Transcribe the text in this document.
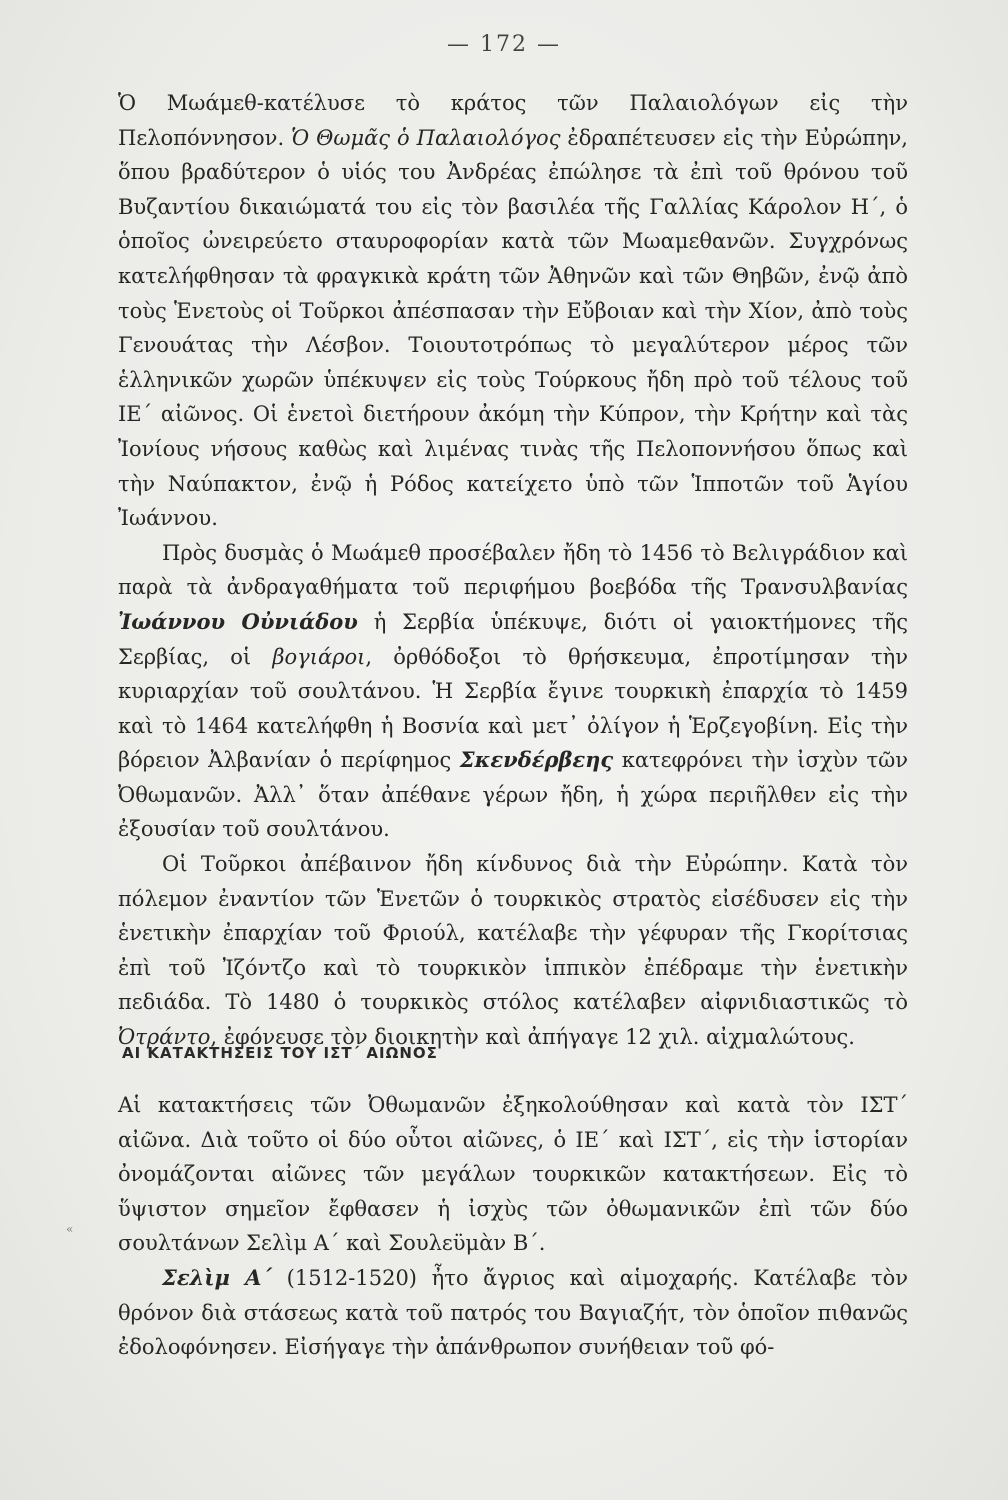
— 172 —

Ὁ Μωάμεθ-κατέλυσε τὸ κράτος τῶν Παλαιολόγων εἰς τὴν Πελοπόννησον. Ὁ Θωμᾶς ὁ Παλαιολόγος ἐδραπέτευσεν εἰς τὴν Εὐρώπην, ὅπου βραδύτερον ὁ υἱός του Ἀνδρέας ἐπώλησε τὰ ἐπὶ τοῦ θρόνου τοῦ Βυζαντίου δικαιώματά του εἰς τὸν βασιλέα τῆς Γαλλίας Κάρολον Η΄, ὁ ὁποῖος ὠνειρεύετο σταυροφορίαν κατὰ τῶν Μωαμεθανῶν. Συγχρόνως κατελήφθησαν τὰ φραγκικὰ κράτη τῶν Ἀθηνῶν καὶ τῶν Θηβῶν, ἐνῷ ἀπὸ τοὺς Ἑνετοὺς οἱ Τοῦρκοι ἀπέσπασαν τὴν Εὔβοιαν καὶ τὴν Χίον, ἀπὸ τοὺς Γενουάτας τὴν Λέσβον. Τοιουτοτρόπως τὸ μεγαλύτερον μέρος τῶν ἑλληνικῶν χωρῶν ὑπέκυψεν εἰς τοὺς Τούρκους ἤδη πρὸ τοῦ τέλους τοῦ ΙΕ΄ αἰῶνος. Οἱ ἑνετοὶ διετήρουν ἀκόμη τὴν Κύπρον, τὴν Κρήτην καὶ τὰς Ἰονίους νήσους καθὼς καὶ λιμένας τινὰς τῆς Πελοποννήσου ὅπως καὶ τὴν Ναύπακτον, ἐνῷ ἡ Ρόδος κατείχετο ὑπὸ τῶν Ἱπποτῶν τοῦ Ἁγίου Ἰωάννου.

Πρὸς δυσμὰς ὁ Μωάμεθ προσέβαλεν ἤδη τὸ 1456 τὸ Βελιγράδιον καὶ παρὰ τὰ ἀνδραγαθήματα τοῦ περιφήμου βοεβόδα τῆς Τρανσυλβανίας Ἰωάννου Οὐνιάδου ἡ Σερβία ὑπέκυψε, διότι οἱ γαιοκτήμονες τῆς Σερβίας, οἱ βογιάροι, ὀρθόδοξοι τὸ θρήσκευμα, ἐπροτίμησαν τὴν κυριαρχίαν τοῦ σουλτάνου. Ἡ Σερβία ἔγινε τουρκικὴ ἐπαρχία τὸ 1459 καὶ τὸ 1464 κατελήφθη ἡ Βοσνία καὶ μετ᾽ ὀλίγον ἡ Ἑρζεγοβίνη. Εἰς τὴν βόρειον Ἀλβανίαν ὁ περίφημος Σκενδέρβεης κατεφρόνει τὴν ἰσχὺν τῶν Ὀθωμανῶν. Ἀλλ᾽ ὅταν ἀπέθανε γέρων ἤδη, ἡ χώρα περιῆλθεν εἰς τὴν ἐξουσίαν τοῦ σουλτάνου.

Οἱ Τοῦρκοι ἀπέβαινον ἤδη κίνδυνος διὰ τὴν Εὐρώπην. Κατὰ τὸν πόλεμον ἐναντίον τῶν Ἑνετῶν ὁ τουρκικὸς στρατὸς εἰσέδυσεν εἰς τὴν ἑνετικὴν ἐπαρχίαν τοῦ Φριούλ, κατέλαβε τὴν γέφυραν τῆς Γκορίτσιας ἐπὶ τοῦ Ἰζόντζο καὶ τὸ τουρκικὸν ἱππικὸν ἐπέδραμε τὴν ἑνετικὴν πεδιάδα. Τὸ 1480 ὁ τουρκικὸς στόλος κατέλαβεν αἰφνιδιαστικῶς τὸ Ὀτράντο, ἐφόνευσε τὸν διοικητὴν καὶ ἀπήγαγε 12 χιλ. αἰχμαλώτους.

ΑΙ ΚΑΤΑΚΤΗΣΕΙΣ ΤΟΥ ΙΣΤ΄ ΑΙΩΝΟΣ

Αἱ κατακτήσεις τῶν Ὀθωμανῶν ἐξηκολούθησαν καὶ κατὰ τὸν ΙΣΤ΄ αἰῶνα. Διὰ τοῦτο οἱ δύο οὗτοι αἰῶνες, ὁ ΙΕ΄ καὶ ΙΣΤ΄, εἰς τὴν ἱστορίαν ὀνομάζονται αἰῶνες τῶν μεγάλων τουρκικῶν κατακτήσεων. Εἰς τὸ ὕψιστον σημεῖον ἔφθασεν ἡ ἰσχὺς τῶν ὀθωμανικῶν ἐπὶ τῶν δύο σουλτάνων Σελὶμ Α΄ καὶ Σουλεϋμὰν Β΄.

Σελὶμ Α΄ (1512-1520) ἦτο ἄγριος καὶ αἱμοχαρής. Κατέλαβε τὸν θρόνον διὰ στάσεως κατὰ τοῦ πατρός του Βαγιαζήτ, τὸν ὁποῖον πιθανῶς ἐδολοφόνησεν. Εἰσήγαγε τὴν ἀπάνθρωπον συνήθειαν τοῦ φό-

«
